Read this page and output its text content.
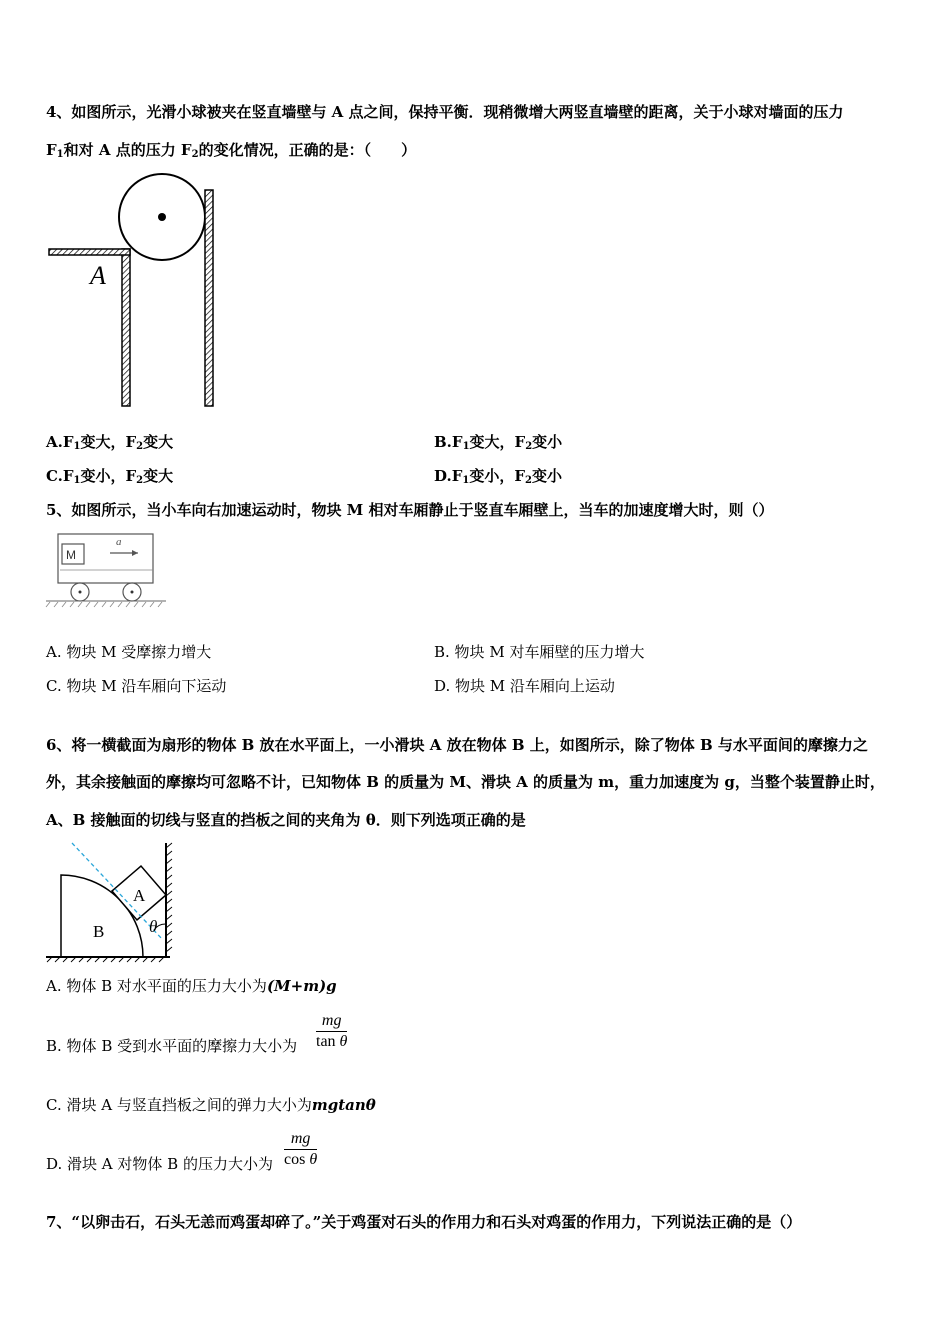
4、如图所示，光滑小球被夹在竖直墙壁与 A 点之间，保持平衡．现稍微增大两竖直墙壁的距离，关于小球对墙面的压力
$F_1$和对 A 点的压力 $F_2$的变化情况，正确的是：（　　）
A
$A.F_1$变大，$F_2$变大	$B.F_1$变大，$F_2$变小
$C.F_1$变小，$F_2$变大	$D.F_1$变小，$F_2$变小
5、如图所示，当小车向右加速运动时，物块 M 相对车厢静止于竖直车厢壁上，当车的加速度增大时，则（）
M
a
A. 物块 M 受摩擦力增大	B. 物块 M 对车厢壁的压力增大
C. 物块 M 沿车厢向下运动	D. 物块 M 沿车厢向上运动
6、将一横截面为扇形的物体 B 放在水平面上，一小滑块 A 放在物体 B 上，如图所示，除了物体 B 与水平面间的摩擦力之
外，其余接触面的摩擦均可忽略不计，已知物体 B 的质量为 M、滑块 A 的质量为 m，重力加速度为 g，当整个装置静止时，
A、B 接触面的切线与竖直的挡板之间的夹角为 θ．则下列选项正确的是
A
B	θ
A. 物体 B 对水平面的压力大小为(M+m)g
B. 物体 B 受到水平面的摩擦力大小为
mg
tan θ
C. 滑块 A 与竖直挡板之间的弹力大小为mgtanθ
D. 滑块 A 对物体 B 的压力大小为
mg
cos θ
7、“以卵击石，石头无恙而鸡蛋却碎了。”关于鸡蛋对石头的作用力和石头对鸡蛋的作用力，下列说法正确的是（）
